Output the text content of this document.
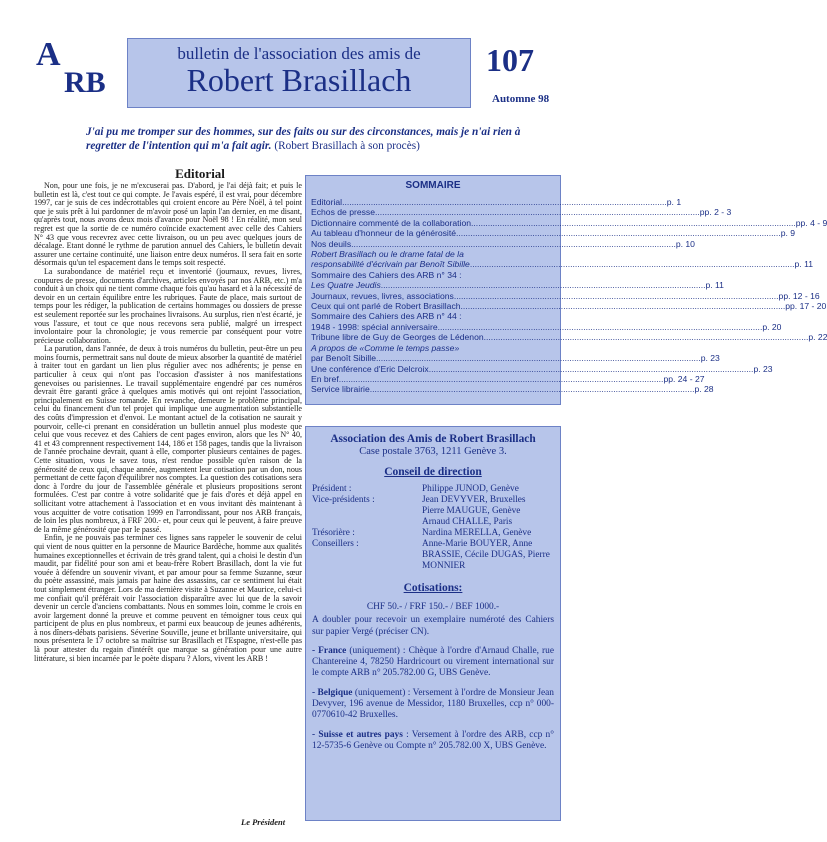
A
RB
bulletin de l'association des amis de
Robert Brasillach
107
Automne 98
J'ai pu me tromper sur des hommes, sur des faits ou sur des circonstances, mais je n'ai rien à regretter de l'intention qui m'a fait agir. (Robert Brasillach à son procès)
Editorial

Non, pour une fois, je ne m'excuserai pas. D'abord, je l'ai déjà fait; et puis le bulletin est là, c'est tout ce qui compte. Je l'avais espéré, il est vrai, pour décembre 1997, car je suis de ces indécrottables qui croient encore au Père Noël, à tel point que je suis prêt à lui pardonner de m'avoir posé un lapin l'an dernier, en me disant, qu'après tout, nous avons deux mois d'avance pour Noël 98 ! En réalité, mon seul regret est que la sortie de ce numéro coïncide exactement avec celle des Cahiers N° 43 que vous recevrez avec cette livraison, ou un peu avec quelques jours de décalage. Etant donné le rythme de parution annuel des Cahiers, le bulletin devait assurer une certaine continuité, une liaison entre deux numéros. Il sera fait en sorte désormais qu'un tel espacement dans le temps soit respecté.

La surabondance de matériel reçu et inventorié (journaux, revues, livres, coupures de presse, documents d'archives, articles envoyés par nos ARB, etc.) m'a conduit à un choix qui ne tient comme chaque fois qu'au hasard et à la nécessité de devoir en un certain équilibre entre les rubriques. Faute de place, mais surtout de temps pour les rédiger, la publication de certains hommages ou dossiers de presse est seulement reportée sur les prochaines livraisons. Au surplus, rien n'est écarté, je vous l'assure, et tout ce que nous recevons sera publié, malgré un irrespect involontaire pour la chronologie; je vous remercie par conséquent pour votre précieuse collaboration.

La parution, dans l'année, de deux à trois numéros du bulletin, peut-être un peu moins fournis, permettrait sans nul doute de mieux absorber la quantité de matériel à traiter tout en gardant un lien plus régulier avec nos adhérents; je pense en particulier à ceux qui n'ont pas l'occasion d'assister à nos manifestations genevoises ou parisiennes. Le travail supplémentaire engendré par ces numéros devrait être garanti grâce à quelques amis motivés qui ont rejoint l'association, principalement en Suisse romande. En revanche, demeure le problème principal, celui du financement d'un tel projet qui implique une augmentation substantielle des coûts d'impression et d'envoi. Le montant actuel de la cotisation ne saurait y pourvoir, celle-ci prenant en considération un bulletin annuel plus modeste que celui que vous recevez et des Cahiers de cent pages environ, alors que les N° 40, 41 et 43 comprennent respectivement 144, 186 et 158 pages, tandis que la livraison de l'année prochaine devrait, quant à elle, comporter plusieurs centaines de pages. Cette situation, vous le savez tous, n'est rendue possible qu'en raison de la générosité de ceux qui, chaque année, augmentent leur cotisation par un don, nous permettant de cette façon d'équilibrer nos comptes. La question des cotisations sera donc à l'ordre du jour de l'assemblée générale et plusieurs propositions seront formulées. C'est par contre à votre solidarité que je fais d'ores et déjà appel en sollicitant votre attachement à l'association et en vous invitant dès maintenant à vous acquitter de votre cotisation 1999 en l'arrondissant, pour nos ARB français, de loin les plus nombreux, à FRF 200.- et, pour ceux qui le peuvent, à faire preuve de la même générosité que par le passé.

Enfin, je ne pouvais pas terminer ces lignes sans rappeler le souvenir de celui qui vient de nous quitter en la personne de Maurice Bardèche, homme aux qualités humaines exceptionnelles et écrivain de très grand talent, qui a choisi le destin d'un maudit, par fidélité pour son ami et beau-frère Robert Brasillach, dont la vie fut vouée à défendre un souvenir vivant, et par amour pour sa femme Suzanne, sœur du poète assassiné, mais jamais par haine des assassins, car ce sentiment lui était tout simplement étranger. Lors de ma dernière visite à Suzanne et Maurice, celui-ci me confiait qu'il préférait voir l'association disparaître avec lui que de la savoir devenir un cercle d'anciens combattants. Nous en sommes loin, comme le crois en avoir largement donné la preuve et comme peuvent en témoigner tous ceux qui participent de plus en plus nombreux, et parmi eux beaucoup de jeunes adhérents, à nos dîners-débats parisiens. Séverine Souville, jeune et brillante universitaire, qui nous présentera le 17 octobre sa maîtrise sur Brasillach et l'Espagne, n'est-elle pas là pour attester du regain d'intérêt que marque sa génération pour une autre littérature, si bien incarnée par le poète disparu ? Alors, vivent les ARB !

Le Président
SOMMAIRE
Editorial .....	p. 1
Echos de presse .....	pp. 2 - 3
Dictionnaire commenté de la collaboration .....	pp. 4 - 9
Au tableau d'honneur de la générosité .....	p. 9
Nos deuils .....	p. 10
Robert Brasillach ou le drame fatal de la
responsabilité d'écrivain par Benoît Sibille .....	p. 11
Sommaire des Cahiers des ARB n° 34 :
Les Quatre Jeudis .....	p. 11
Journaux, revues, livres, associations .....	pp. 12 - 16
Ceux qui ont parlé de Robert Brasillach .....	pp. 17 - 20
Sommaire des Cahiers des ARB n° 44 :
1948 - 1998: spécial anniversaire .....	p. 20
Tribune libre de Guy de Georges de Lédenon .....	p. 22
A propos de «Comme le temps passe»
par Benoît Sibille .....	p. 23
Une conférence d'Eric Delcroix .....	p. 23
En bref .....	pp. 24 - 27
Service librairie .....	p. 28
Association des Amis de Robert Brasillach
Case postale 3763, 1211 Genève 3.
Conseil de direction
Président :	Philippe JUNOD, Genève
Vice-présidents :	Jean DEVYVER, Bruxelles
Pierre MAUGUE, Genève
Arnaud CHALLE, Paris
Trésorière :	Nardina MERELLA, Genève
Conseillers :	Anne-Marie BOUYER, Anne BRASSIE, Cécile DUGAS, Pierre MONNIER
Cotisations:

CHF 50.- / FRF 150.- / BEF 1000.-

A doubler pour recevoir un exemplaire numéroté des Cahiers sur papier Vergé (préciser CN).

- France (uniquement) : Chèque à l'ordre d'Arnaud Challe, rue Chantereine 4, 78250 Hardricourt ou virement international sur le compte ARB n° 205.782.00 G, UBS Genève.

- Belgique (uniquement) : Versement à l'ordre de Monsieur Jean Devyver, 196 avenue de Messidor, 1180 Bruxelles, ccp n° 000-0770610-42 Bruxelles.

- Suisse et autres pays : Versement à l'ordre des ARB, ccp n° 12-5735-6 Genève ou Compte n° 205.782.00 X, UBS Genève.
